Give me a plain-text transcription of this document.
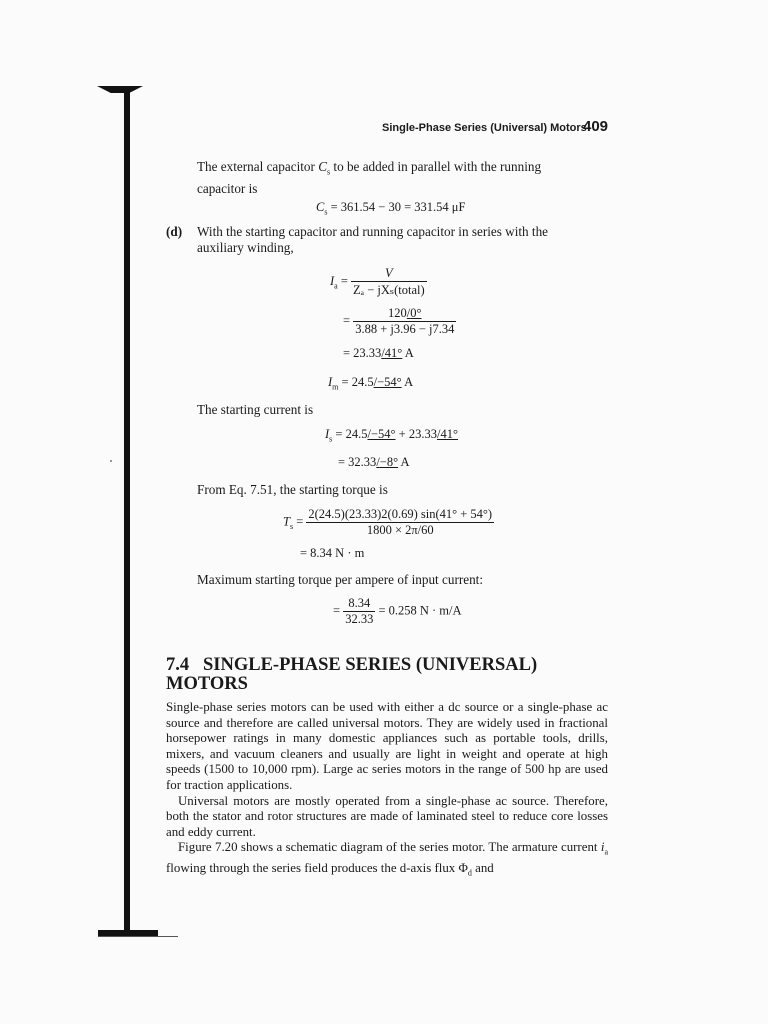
Single-Phase Series (Universal) Motors
409
The external capacitor $C_s$ to be added in parallel with the running
capacitor is
$C_s = 361.54 - 30 = 331.54$ μF
(d) With the starting capacitor and running capacitor in series with the
auxiliary winding,
$I_a = \frac{V}{\text{Zₐ − jXₛ(total)}}$
= $\frac{120/ 0^\circ}{3.88 + j3.96 - j7.34}$
= 23.33/ 41° A
$I_m = 24.5/ -54^\circ$ A
The starting current is
$I_s = 24.5/ -54^\circ + 23.33/$ 41°
= 32.33/ −8° A
From Eq. 7.51, the starting torque is
$T_s = \frac{2(24.5)(23.33)2(0.69) \sin(41^\circ + 54^\circ)}{1800 \times 2\pi/60}$
= 8.34 N · m
Maximum starting torque per ampere of input current:
= $\frac{8.34}{32.33} = 0.258$ N · m/A
7.4 SINGLE-PHASE SERIES (UNIVERSAL)
MOTORS

Single-phase series motors can be used with either a dc source or a single-phase ac source and therefore are called universal motors. They are widely used in fractional horsepower ratings in many domestic appliances such as portable tools, drills, mixers, and vacuum cleaners and usually are light in weight and operate at high speeds (1500 to 10,000 rpm). Large ac series motors in the range of 500 hp are used for traction applications.

Universal motors are mostly operated from a single-phase ac source. Therefore, both the stator and rotor structures are made of laminated steel to reduce core losses and eddy current.

Figure 7.20 shows a schematic diagram of the series motor. The armature current $i_a$ flowing through the series field produces the d-axis flux $\Phi_d$ and
